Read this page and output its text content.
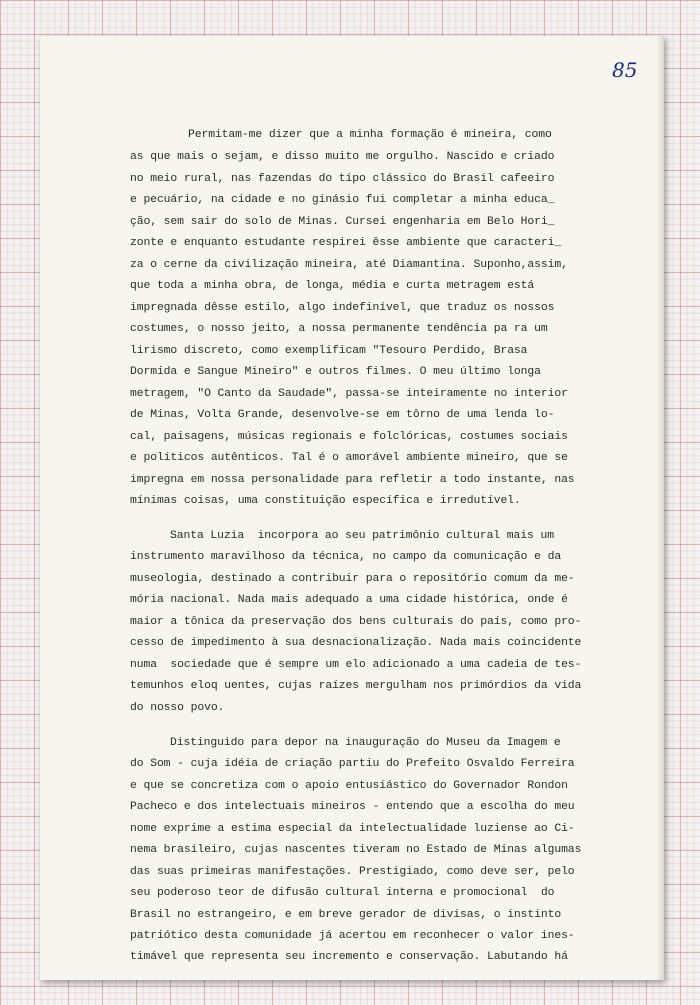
85
Permitam-me dizer que a minha formação é mineira, como
as que mais o sejam, e disso muito me orgulho. Nascido e criado
no meio rural, nas fazendas do tipo clássico do Brasil cafeeiro
e pecuário, na cidade e no ginásio fui completar a minha educa_
ção, sem sair do solo de Minas. Cursei engenharia em Belo Hori_
zonte e enquanto estudante respirei êsse ambiente que caracteri_
za o cerne da civilização mineira, até Diamantina. Suponho,assim,
que toda a minha obra, de longa, média e curta metragem está
impregnada dêsse estilo, algo indefinível, que traduz os nossos
costumes, o nosso jeito, a nossa permanente tendência pa ra um
lirismo discreto, como exemplificam "Tesouro Perdido, Brasa
Dormida e Sangue Mineiro" e outros filmes. O meu último longa
metragem, "O Canto da Saudade", passa-se inteiramente no interior
de Minas, Volta Grande, desenvolve-se em tôrno de uma lenda lo-
cal, paisagens, músicas regionais e folclóricas, costumes sociais
e políticos autênticos. Tal é o amorável ambiente mineiro, que se
impregna em nossa personalidade para refletir a todo instante, nas
mínimas coisas, uma constituição específica e irredutível.
Santa Luzia  incorpora ao seu patrimônio cultural mais um
instrumento maravilhoso da técnica, no campo da comunicação e da
museologia, destinado a contribuir para o repositório comum da me-
mória nacional. Nada mais adequado a uma cidade histórica, onde é
maior a tônica da preservação dos bens culturais do país, como pro-
cesso de impedimento à sua desnacionalização. Nada mais coincidente
numa  sociedade que é sempre um elo adicionado a uma cadeia de tes-
temunhos eloq uentes, cujas raízes mergulham nos primórdios da vida
do nosso povo.
Distinguido para depor na inauguração do Museu da Imagem e
do Som - cuja idéia de criação partiu do Prefeito Osvaldo Ferreira
e que se concretiza com o apoio entusiástico do Governador Rondon
Pacheco e dos intelectuais mineiros - entendo que a escolha do meu
nome exprime a estima especial da intelectualidade luziense ao Ci-
nema brasileiro, cujas nascentes tiveram no Estado de Minas algumas
das suas primeiras manifestações. Prestigiado, como deve ser, pelo
seu poderoso teor de difusão cultural interna e promocional  do
Brasil no estrangeiro, e em breve gerador de divisas, o instinto
patriótico desta comunidade já acertou em reconhecer o valor ines-
timável que representa seu incremento e conservação. Labutando há
